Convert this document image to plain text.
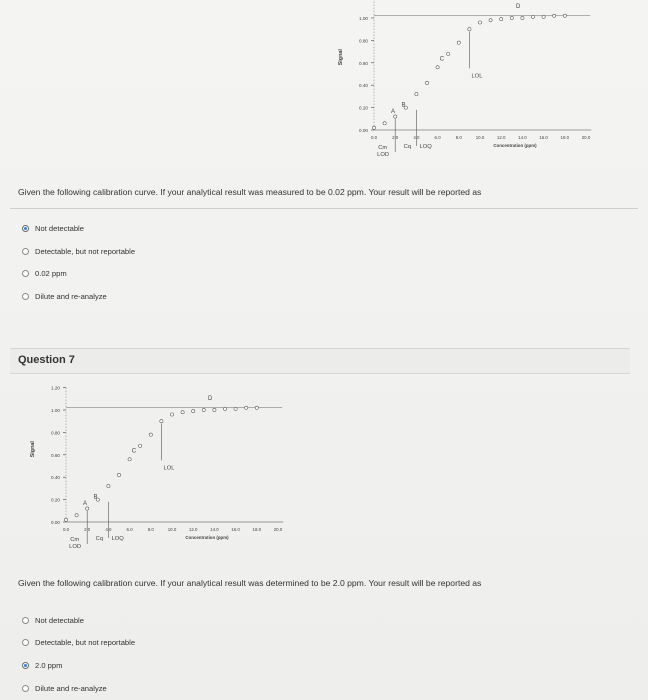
1.00
0.80
0.60
0.40
0.20
0.00
Signal
0.0	2.0	4.0	6.0	8.0	10.0	12.0	14.0	16.0	18.0	20.0
Concentration (ppm)
A
B
C
D
LOL
Cm
LOD
Cq LOQ
Given the following calibration curve. If your analytical result was measured to be 0.02 ppm. Your result will be reported as
Not detectable
Detectable, but not reportable
0.02 ppm
Dilute and re-analyze
Question 7
1.20
1.00
0.80
0.60
0.40
0.20
0.00
Signal
0.0	2.0	4.0	6.0	8.0	10.0	12.0	14.0	16.0	18.0	20.0
Concentration (ppm)
A
B
C
D
LOL
Cm
LOD
Cq LOQ
Given the following calibration curve. If your analytical result was determined to be 2.0 ppm. Your result will be reported as
Not detectable
Detectable, but not reportable
2.0 ppm
Dilute and re-analyze
